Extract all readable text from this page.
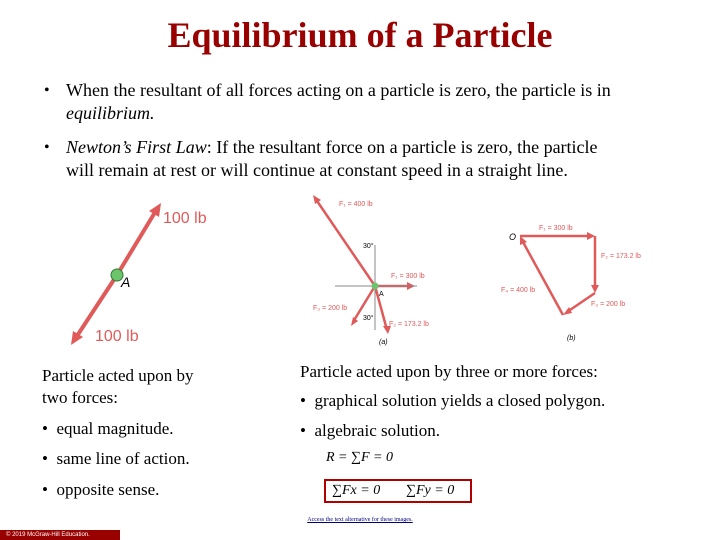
Equilibrium of a Particle
• When the resultant of all forces acting on a particle is zero, the particle is in
equilibrium.
• Newton’s First Law: If the resultant force on a particle is zero, the particle
will remain at rest or will continue at constant speed in a straight line.
100 lb
100 lb
A
F₁ = 400 lb
30°
F₁ = 300 lb
A
F₃ = 200 lb
30°
F₂ = 173.2 lb
(a)
O
F₁ = 300 lb
F₂ = 173.2 lb
F₃ = 200 lb
F₄ = 400 lb
(b)
Particle acted upon by
two forces:
•  equal magnitude.
•  same line of action.
•  opposite sense.
Particle acted upon by three or more forces:
•  graphical solution yields a closed polygon.
•  algebraic solution.
R = ∑F = 0
∑Fx = 0 ∑Fy = 0
Access the text alternative for these images.
© 2019 McGraw-Hill Education.
